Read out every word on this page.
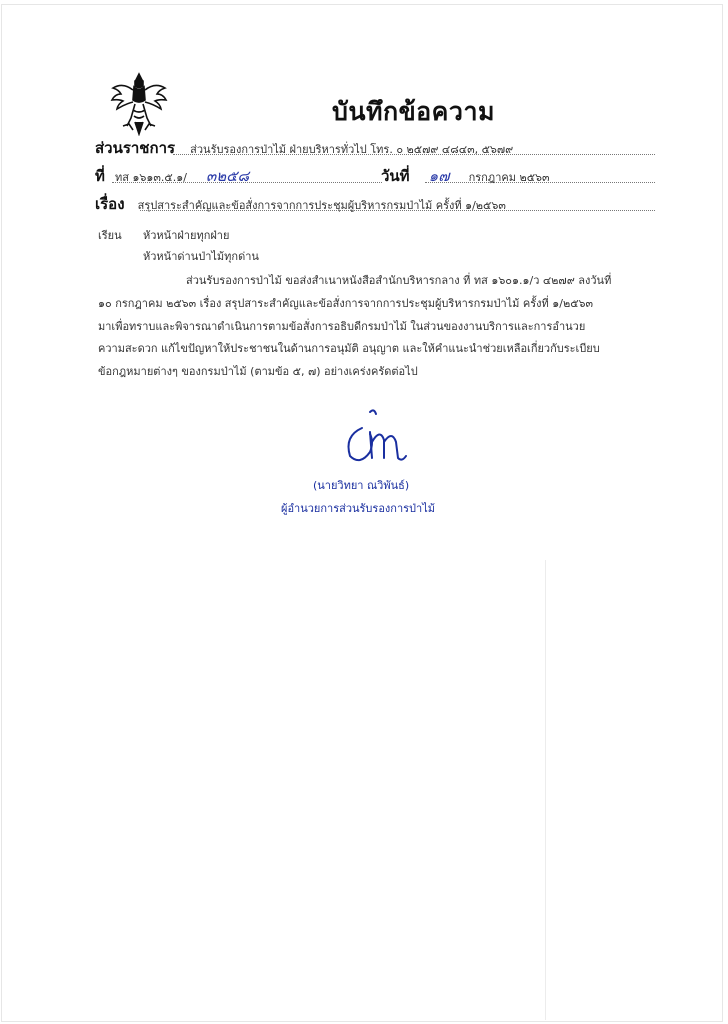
บันทึกข้อความ
ส่วนราชการ ส่วนรับรองการป่าไม้ ฝ่ายบริหารทั่วไป โทร. ๐ ๒๕๗๙ ๔๘๔๓, ๕๖๗๙
ที่ ทส ๑๖๑๓.๕.๑/ ๓๒๕๘	วันที่ ๑๗ กรกฎาคม ๒๕๖๓
เรื่อง สรุปสาระสำคัญและข้อสั่งการจากการประชุมผู้บริหารกรมป่าไม้ ครั้งที่ ๑/๒๕๖๓
เรียน หัวหน้าฝ่ายทุกฝ่าย
หัวหน้าด่านป่าไม้ทุกด่าน
ส่วนรับรองการป่าไม้ ขอส่งสำเนาหนังสือสำนักบริหารกลาง ที่ ทส ๑๖๐๑.๑/ว ๔๒๗๙ ลงวันที่
๑๐ กรกฎาคม ๒๕๖๓ เรื่อง สรุปสาระสำคัญและข้อสั่งการจากการประชุมผู้บริหารกรมป่าไม้ ครั้งที่ ๑/๒๕๖๓
มาเพื่อทราบและพิจารณาดำเนินการตามข้อสั่งการอธิบดีกรมป่าไม้ ในส่วนของงานบริการและการอำนวย
ความสะดวก แก้ไขปัญหาให้ประชาชนในด้านการอนุมัติ อนุญาต และให้คำแนะนำช่วยเหลือเกี่ยวกับระเบียบ
ข้อกฎหมายต่างๆ ของกรมป่าไม้ (ตามข้อ ๕, ๗) อย่างเคร่งครัดต่อไป
(นายวิทยา ณวิพันธ์)
ผู้อำนวยการส่วนรับรองการป่าไม้
